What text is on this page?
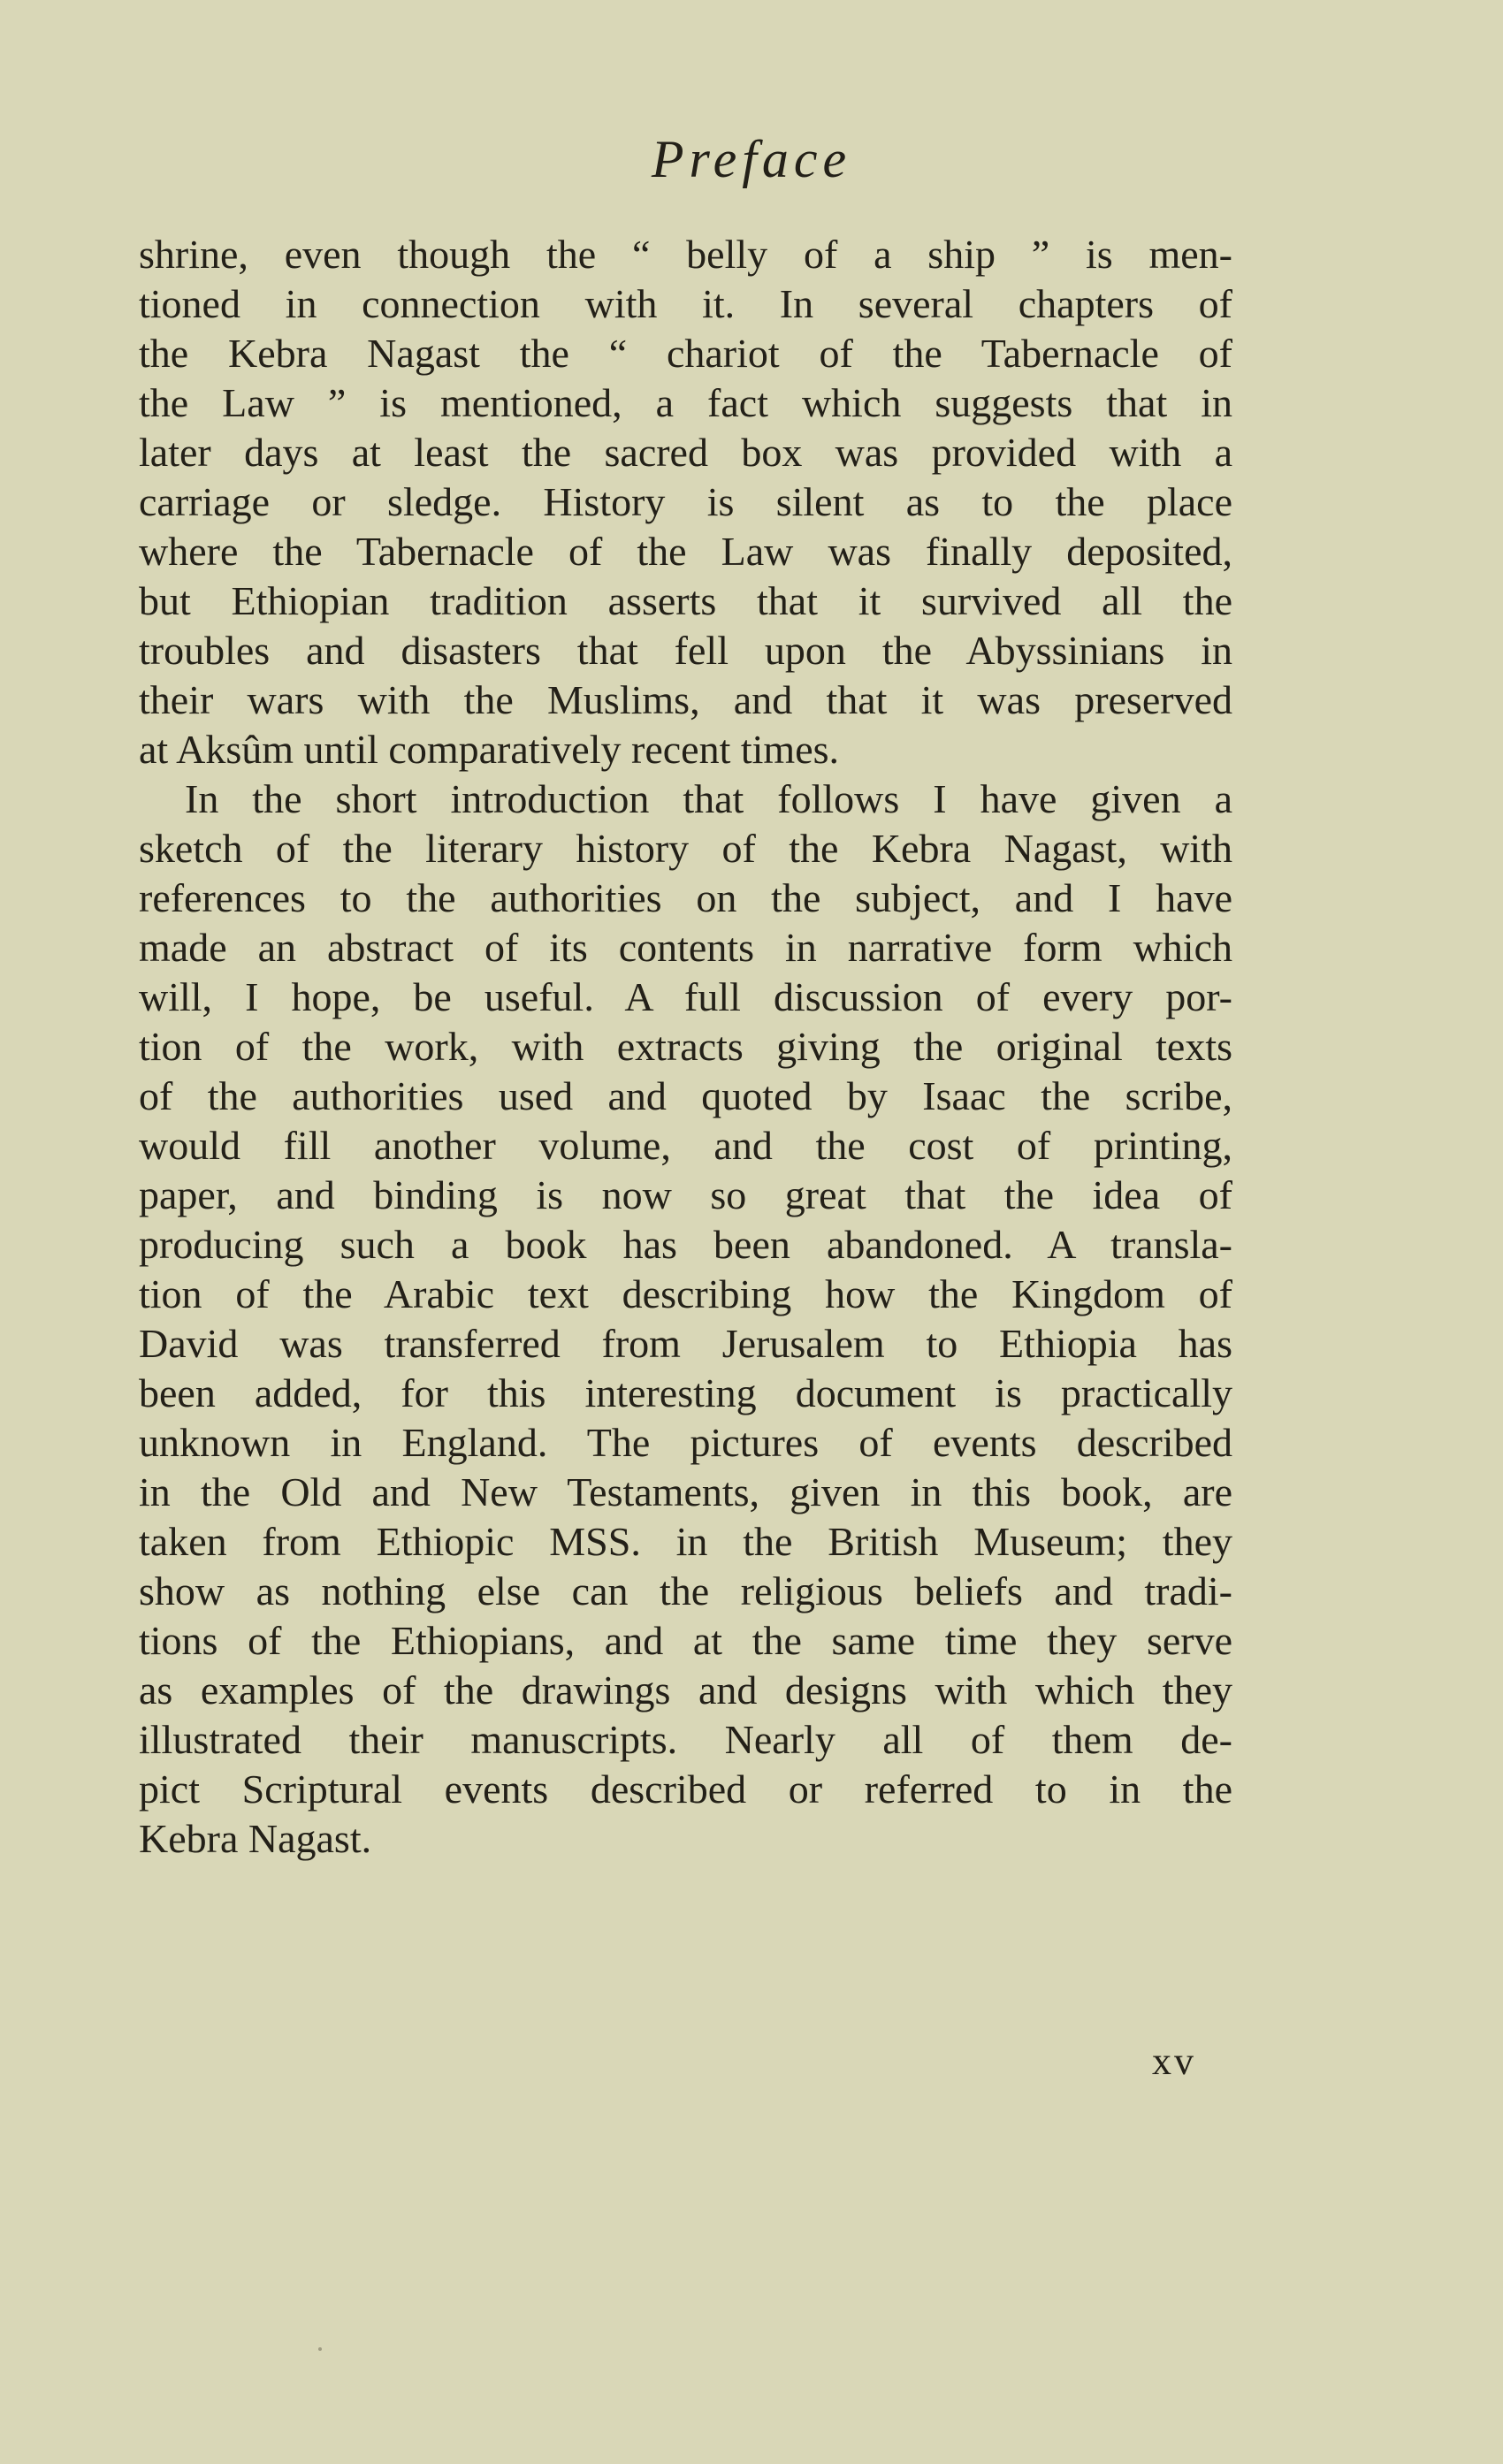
Preface
shrine, even though the “ belly of a ship ” is men-
tioned in connection with it. In several chapters of
the Kebra Nagast the “ chariot of the Tabernacle of
the Law ” is mentioned, a fact which suggests that in
later days at least the sacred box was provided with a
carriage or sledge. History is silent as to the place
where the Tabernacle of the Law was finally deposited,
but Ethiopian tradition asserts that it survived all the
troubles and disasters that fell upon the Abyssinians in
their wars with the Muslims, and that it was preserved
at Aksûm until comparatively recent times.
In the short introduction that follows I have given a
sketch of the literary history of the Kebra Nagast, with
references to the authorities on the subject, and I have
made an abstract of its contents in narrative form which
will, I hope, be useful. A full discussion of every por-
tion of the work, with extracts giving the original texts
of the authorities used and quoted by Isaac the scribe,
would fill another volume, and the cost of printing,
paper, and binding is now so great that the idea of
producing such a book has been abandoned. A transla-
tion of the Arabic text describing how the Kingdom of
David was transferred from Jerusalem to Ethiopia has
been added, for this interesting document is practically
unknown in England. The pictures of events described
in the Old and New Testaments, given in this book, are
taken from Ethiopic MSS. in the British Museum; they
show as nothing else can the religious beliefs and tradi-
tions of the Ethiopians, and at the same time they serve
as examples of the drawings and designs with which they
illustrated their manuscripts. Nearly all of them de-
pict Scriptural events described or referred to in the
Kebra Nagast.
xv
